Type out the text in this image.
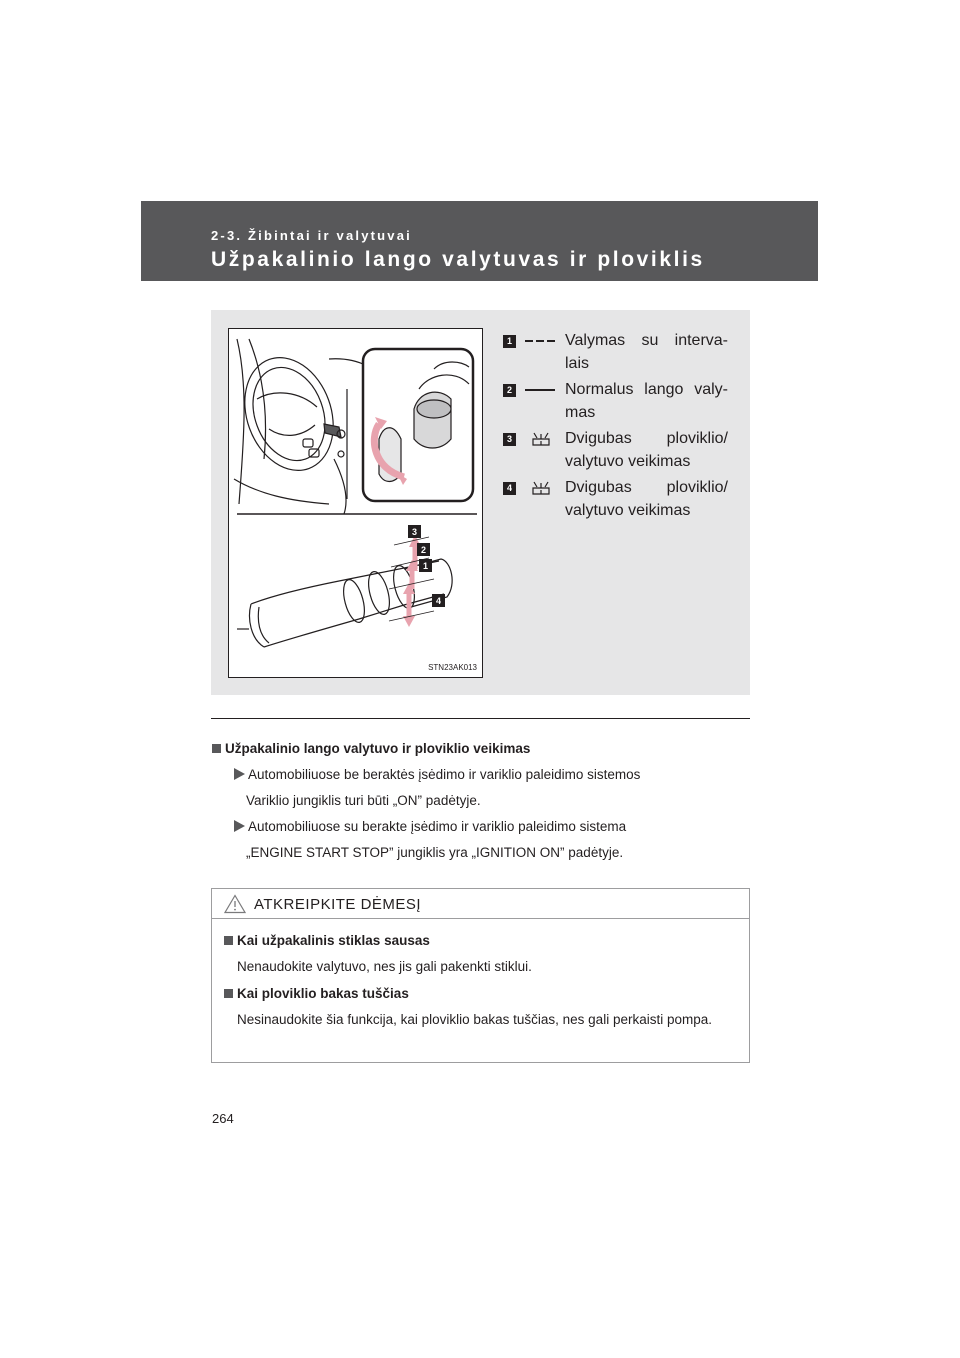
2-3. Žibintai ir valytuvai
Užpakalinio lango valytuvas ir ploviklis
3
2
1
4
STN23AK013
1	Valymas su interva-lais
2	Normalus lango valy-mas
3	Dvigubas ploviklio/ valytuvo veikimas
4	Dvigubas ploviklio/ valytuvo veikimas
Užpakalinio lango valytuvo ir ploviklio veikimas
Automobiliuose be beraktės įsėdimo ir variklio paleidimo sistemos
Variklio jungiklis turi būti „ON” padėtyje.
Automobiliuose su berakte įsėdimo ir variklio paleidimo sistema
„ENGINE START STOP” jungiklis yra „IGNITION ON” padėtyje.
ATKREIPKITE DĖMESĮ
Kai užpakalinis stiklas sausas
Nenaudokite valytuvo, nes jis gali pakenkti stiklui.
Kai ploviklio bakas tuščias
Nesinaudokite šia funkcija, kai ploviklio bakas tuščias, nes gali perkaisti pompa.
264
